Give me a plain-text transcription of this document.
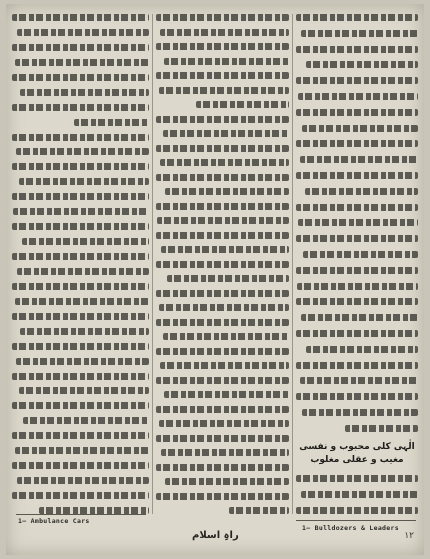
الٰہی کلی محبوب و نفسی
مغیب و عقلی مغلوب
1— Bulldozers & Leaders
1— Ambulance Cars
راہِ اسلام	۱۲
